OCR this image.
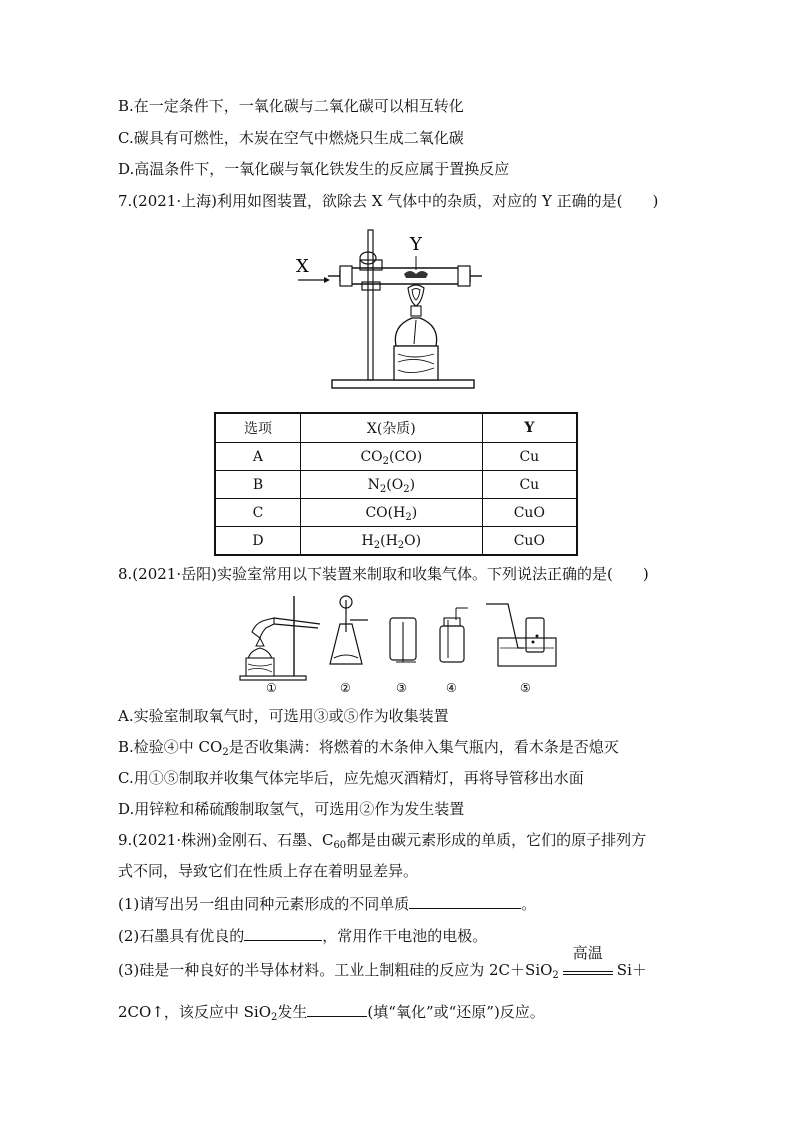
B.在一定条件下，一氧化碳与二氧化碳可以相互转化
C.碳具有可燃性，木炭在空气中燃烧只生成二氧化碳
D.高温条件下，一氧化碳与氧化铁发生的反应属于置换反应
7.(2021·上海)利用如图装置，欲除去 X 气体中的杂质，对应的 Y 正确的是(　　)
X
Y
选项	X(杂质)	Y
A	$CO_2(CO)$	Cu
B	$N_2(O_2)$	Cu
C	$CO(H_2)$	CuO
D	$H_2(H_2O)$	CuO
8.(2021·岳阳)实验室常用以下装置来制取和收集气体。下列说法正确的是(　　)
①	②	③	④	⑤
A.实验室制取氧气时，可选用③或⑤作为收集装置
B.检验④中 $CO_2$是否收集满：将燃着的木条伸入集气瓶内，看木条是否熄灭
C.用①⑤制取并收集气体完毕后，应先熄灭酒精灯，再将导管移出水面
D.用锌粒和稀硫酸制取氢气，可选用②作为发生装置
9.(2021·株洲)金刚石、石墨、$C_{60}$都是由碳元素形成的单质，它们的原子排列方
式不同，导致它们在性质上存在着明显差异。
(1)请写出另一组由同种元素形成的不同单质	。
(2)石墨具有优良的	，常用作干电池的电极。
(3)硅是一种良好的半导体材料。工业上制粗硅的反应为 2C＋SiO$_2$
高温
Si＋
2CO↑，该反应中 SiO$_2$发生	(填“氧化”或“还原”)反应。
